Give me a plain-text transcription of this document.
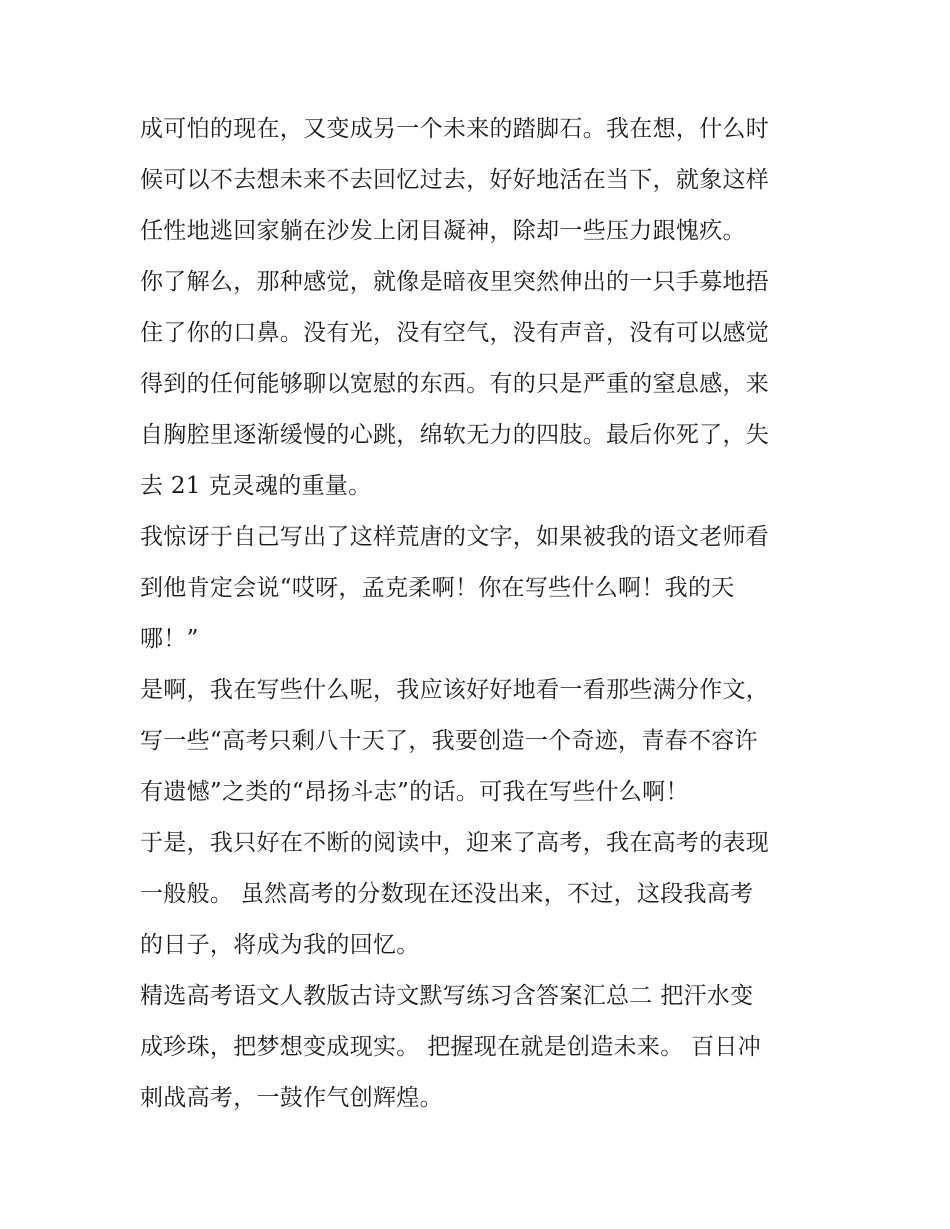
成可怕的现在，又变成另一个未来的踏脚石。我在想，什么时
候可以不去想未来不去回忆过去，好好地活在当下，就象这样
任性地逃回家躺在沙发上闭目凝神，除却一些压力跟愧疚。
你了解么，那种感觉，就像是暗夜里突然伸出的一只手募地捂
住了你的口鼻。没有光，没有空气，没有声音，没有可以感觉
得到的任何能够聊以宽慰的东西。有的只是严重的窒息感，来
自胸腔里逐渐缓慢的心跳，绵软无力的四肢。最后你死了，失
去 21 克灵魂的重量。
我惊讶于自己写出了这样荒唐的文字，如果被我的语文老师看
到他肯定会说“哎呀，孟克柔啊！你在写些什么啊！我的天
哪！”
是啊，我在写些什么呢，我应该好好地看一看那些满分作文，
写一些“高考只剩八十天了，我要创造一个奇迹，青春不容许
有遗憾”之类的“昂扬斗志”的话。可我在写些什么啊！
于是，我只好在不断的阅读中，迎来了高考，我在高考的表现
一般般。 虽然高考的分数现在还没出来，不过，这段我高考
的日子，将成为我的回忆。
精选高考语文人教版古诗文默写练习含答案汇总二 把汗水变
成珍珠，把梦想变成现实。 把握现在就是创造未来。 百日冲
刺战高考，一鼓作气创辉煌。
